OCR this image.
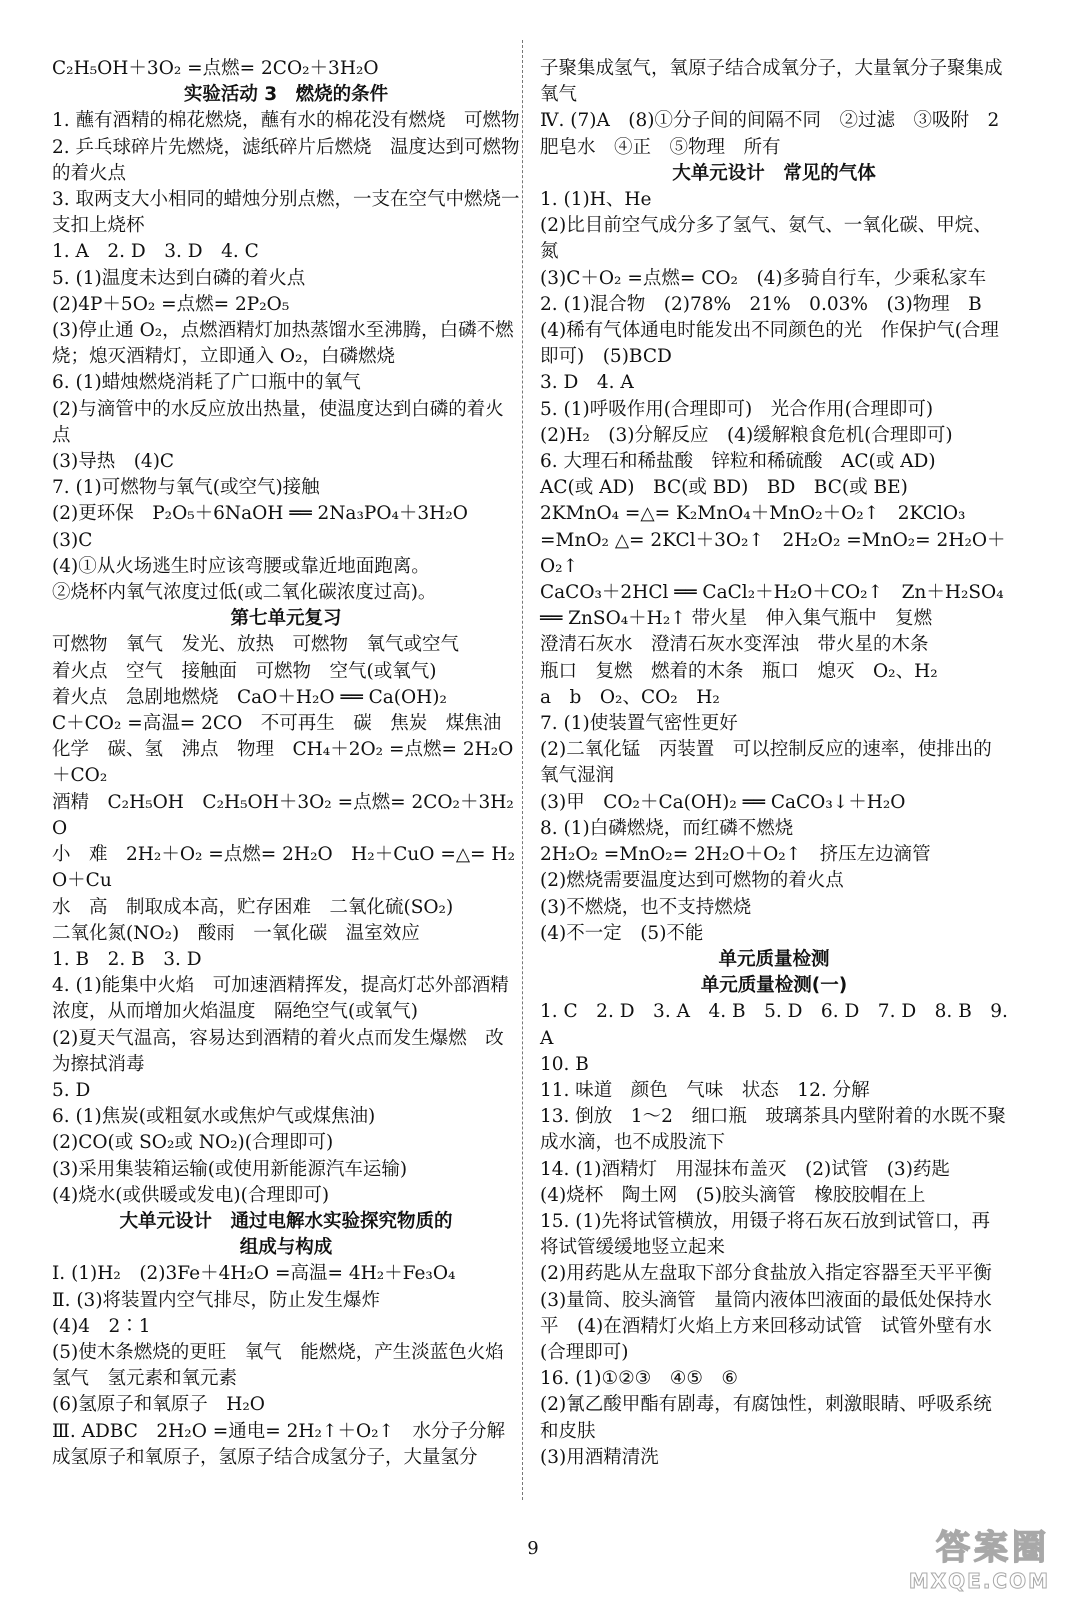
C₂H₅OH＋3O₂ =点燃= 2CO₂＋3H₂O
实验活动 3　燃烧的条件
1. 蘸有酒精的棉花燃烧，蘸有水的棉花没有燃烧　可燃物
2. 乒乓球碎片先燃烧，滤纸碎片后燃烧　温度达到可燃物的着火点
3. 取两支大小相同的蜡烛分别点燃，一支在空气中燃烧一支扣上烧杯
1. A　2. D　3. D　4. C
5. (1)温度未达到白磷的着火点
(2)4P＋5O₂ =点燃= 2P₂O₅
(3)停止通 O₂，点燃酒精灯加热蒸馏水至沸腾，白磷不燃烧；熄灭酒精灯，立即通入 O₂，白磷燃烧
6. (1)蜡烛燃烧消耗了广口瓶中的氧气
(2)与滴管中的水反应放出热量，使温度达到白磷的着火点
(3)导热　(4)C
7. (1)可燃物与氧气(或空气)接触
(2)更环保　P₂O₅＋6NaOH ══ 2Na₃PO₄＋3H₂O
(3)C
(4)①从火场逃生时应该弯腰或靠近地面跑离。
②烧杯内氧气浓度过低(或二氧化碳浓度过高)。
第七单元复习
可燃物　氧气　发光、放热　可燃物　氧气或空气
着火点　空气　接触面　可燃物　空气(或氧气)
着火点　急剧地燃烧　CaO＋H₂O ══ Ca(OH)₂
C＋CO₂ =高温= 2CO　不可再生　碳　焦炭　煤焦油
化学　碳、氢　沸点　物理　CH₄＋2O₂ =点燃= 2H₂O＋CO₂
酒精　C₂H₅OH　C₂H₅OH＋3O₂ =点燃= 2CO₂＋3H₂O
小　难　2H₂＋O₂ =点燃= 2H₂O　H₂＋CuO =△= H₂O＋Cu
水　高　制取成本高，贮存困难　二氧化硫(SO₂)
二氧化氮(NO₂)　酸雨　一氧化碳　温室效应
1. B　2. B　3. D
4. (1)能集中火焰　可加速酒精挥发，提高灯芯外部酒精浓度，从而增加火焰温度　隔绝空气(或氧气)
(2)夏天气温高，容易达到酒精的着火点而发生爆燃　改为擦拭消毒
5. D
6. (1)焦炭(或粗氨水或焦炉气或煤焦油)
(2)CO(或 SO₂或 NO₂)(合理即可)
(3)采用集装箱运输(或使用新能源汽车运输)
(4)烧水(或供暖或发电)(合理即可)
大单元设计　通过电解水实验探究物质的
组成与构成
Ⅰ. (1)H₂　(2)3Fe＋4H₂O =高温= 4H₂＋Fe₃O₄
Ⅱ. (3)将装置内空气排尽，防止发生爆炸
(4)4　2∶1
(5)使木条燃烧的更旺　氧气　能燃烧，产生淡蓝色火焰　氢气　氢元素和氧元素
(6)氢原子和氧原子　H₂O
Ⅲ. ADBC　2H₂O =通电= 2H₂↑＋O₂↑　水分子分解成氢原子和氧原子，氢原子结合成氢分子，大量氢分
子聚集成氢气，氧原子结合成氧分子，大量氧分子聚集成氧气
Ⅳ. (7)A　(8)①分子间的间隔不同　②过滤　③吸附　2　肥皂水　④正　⑤物理　所有
大单元设计　常见的气体
1. (1)H、He
(2)比目前空气成分多了氢气、氨气、一氧化碳、甲烷、氮
(3)C＋O₂ =点燃= CO₂　(4)多骑自行车，少乘私家车
2. (1)混合物　(2)78%　21%　0.03%　(3)物理　B
(4)稀有气体通电时能发出不同颜色的光　作保护气(合理即可)　(5)BCD
3. D　4. A
5. (1)呼吸作用(合理即可)　光合作用(合理即可)
(2)H₂　(3)分解反应　(4)缓解粮食危机(合理即可)
6. 大理石和稀盐酸　锌粒和稀硫酸　AC(或 AD)
AC(或 AD)　BC(或 BD)　BD　BC(或 BE)
2KMnO₄ =△= K₂MnO₄＋MnO₂＋O₂↑　2KClO₃
=MnO₂ △= 2KCl＋3O₂↑　2H₂O₂ =MnO₂= 2H₂O＋O₂↑
CaCO₃＋2HCl ══ CaCl₂＋H₂O＋CO₂↑　Zn＋H₂SO₄
══ ZnSO₄＋H₂↑ 带火星　伸入集气瓶中　复燃
澄清石灰水　澄清石灰水变浑浊　带火星的木条
瓶口　复燃　燃着的木条　瓶口　熄灭　O₂、H₂
a　b　O₂、CO₂　H₂
7. (1)使装置气密性更好
(2)二氧化锰　丙装置　可以控制反应的速率，使排出的氧气湿润
(3)甲　CO₂＋Ca(OH)₂ ══ CaCO₃↓＋H₂O
8. (1)白磷燃烧，而红磷不燃烧
2H₂O₂ =MnO₂= 2H₂O＋O₂↑　挤压左边滴管
(2)燃烧需要温度达到可燃物的着火点
(3)不燃烧，也不支持燃烧
(4)不一定　(5)不能
单元质量检测
单元质量检测(一)
1. C　2. D　3. A　4. B　5. D　6. D　7. D　8. B　9. A
10. B
11. 味道　颜色　气味　状态　12. 分解
13. 倒放　1～2　细口瓶　玻璃茶具内壁附着的水既不聚成水滴，也不成股流下
14. (1)酒精灯　用湿抹布盖灭　(2)试管　(3)药匙
(4)烧杯　陶土网　(5)胶头滴管　橡胶胶帽在上
15. (1)先将试管横放，用镊子将石灰石放到试管口，再将试管缓缓地竖立起来
(2)用药匙从左盘取下部分食盐放入指定容器至天平平衡
(3)量筒、胶头滴管　量筒内液体凹液面的最低处保持水平　(4)在酒精灯火焰上方来回移动试管　试管外壁有水(合理即可)
16. (1)①②③　④⑤　⑥
(2)氰乙酸甲酯有剧毒，有腐蚀性，刺激眼睛、呼吸系统和皮肤
(3)用酒精清洗
9	答案圈
MXQE.COM
